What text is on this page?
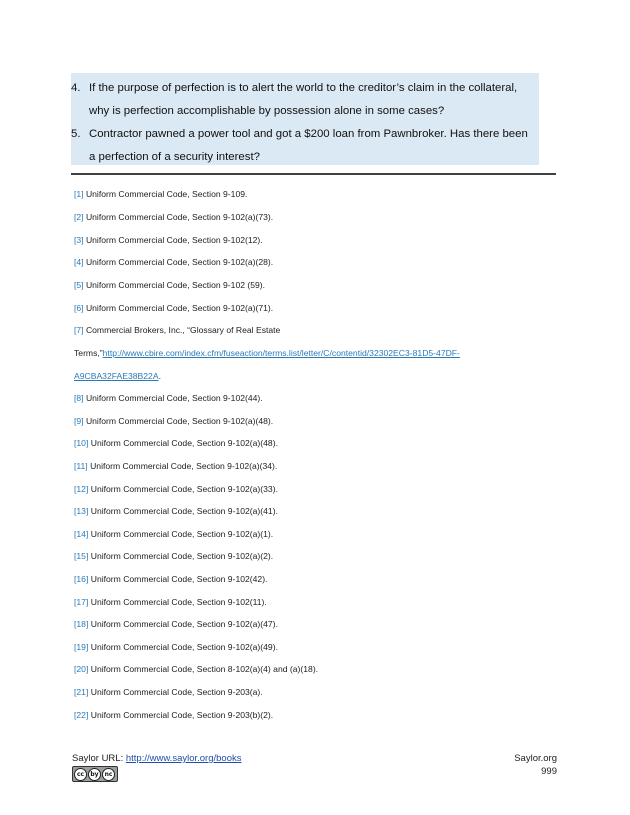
4. If the purpose of perfection is to alert the world to the creditor’s claim in the collateral,
why is perfection accomplishable by possession alone in some cases?
5. Contractor pawned a power tool and got a $200 loan from Pawnbroker. Has there been
a perfection of a security interest?
[1] Uniform Commercial Code, Section 9-109.
[2] Uniform Commercial Code, Section 9-102(a)(73).
[3] Uniform Commercial Code, Section 9-102(12).
[4] Uniform Commercial Code, Section 9-102(a)(28).
[5] Uniform Commercial Code, Section 9-102 (59).
[6] Uniform Commercial Code, Section 9-102(a)(71).
[7] Commercial Brokers, Inc., “Glossary of Real Estate
Terms,”http://www.cbire.com/index.cfm/fuseaction/terms.list/letter/C/contentid/32302EC3-81D5-47DF-
A9CBA32FAE38B22A.
[8] Uniform Commercial Code, Section 9-102(44).
[9] Uniform Commercial Code, Section 9-102(a)(48).
[10] Uniform Commercial Code, Section 9-102(a)(48).
[11] Uniform Commercial Code, Section 9-102(a)(34).
[12] Uniform Commercial Code, Section 9-102(a)(33).
[13] Uniform Commercial Code, Section 9-102(a)(41).
[14] Uniform Commercial Code, Section 9-102(a)(1).
[15] Uniform Commercial Code, Section 9-102(a)(2).
[16] Uniform Commercial Code, Section 9-102(42).
[17] Uniform Commercial Code, Section 9-102(11).
[18] Uniform Commercial Code, Section 9-102(a)(47).
[19] Uniform Commercial Code, Section 9-102(a)(49).
[20] Uniform Commercial Code, Section 8-102(a)(4) and (a)(18).
[21] Uniform Commercial Code, Section 9-203(a).
[22] Uniform Commercial Code, Section 9-203(b)(2).
Saylor URL: http://www.saylor.org/books
cc	by nc
Saylor.org
999
